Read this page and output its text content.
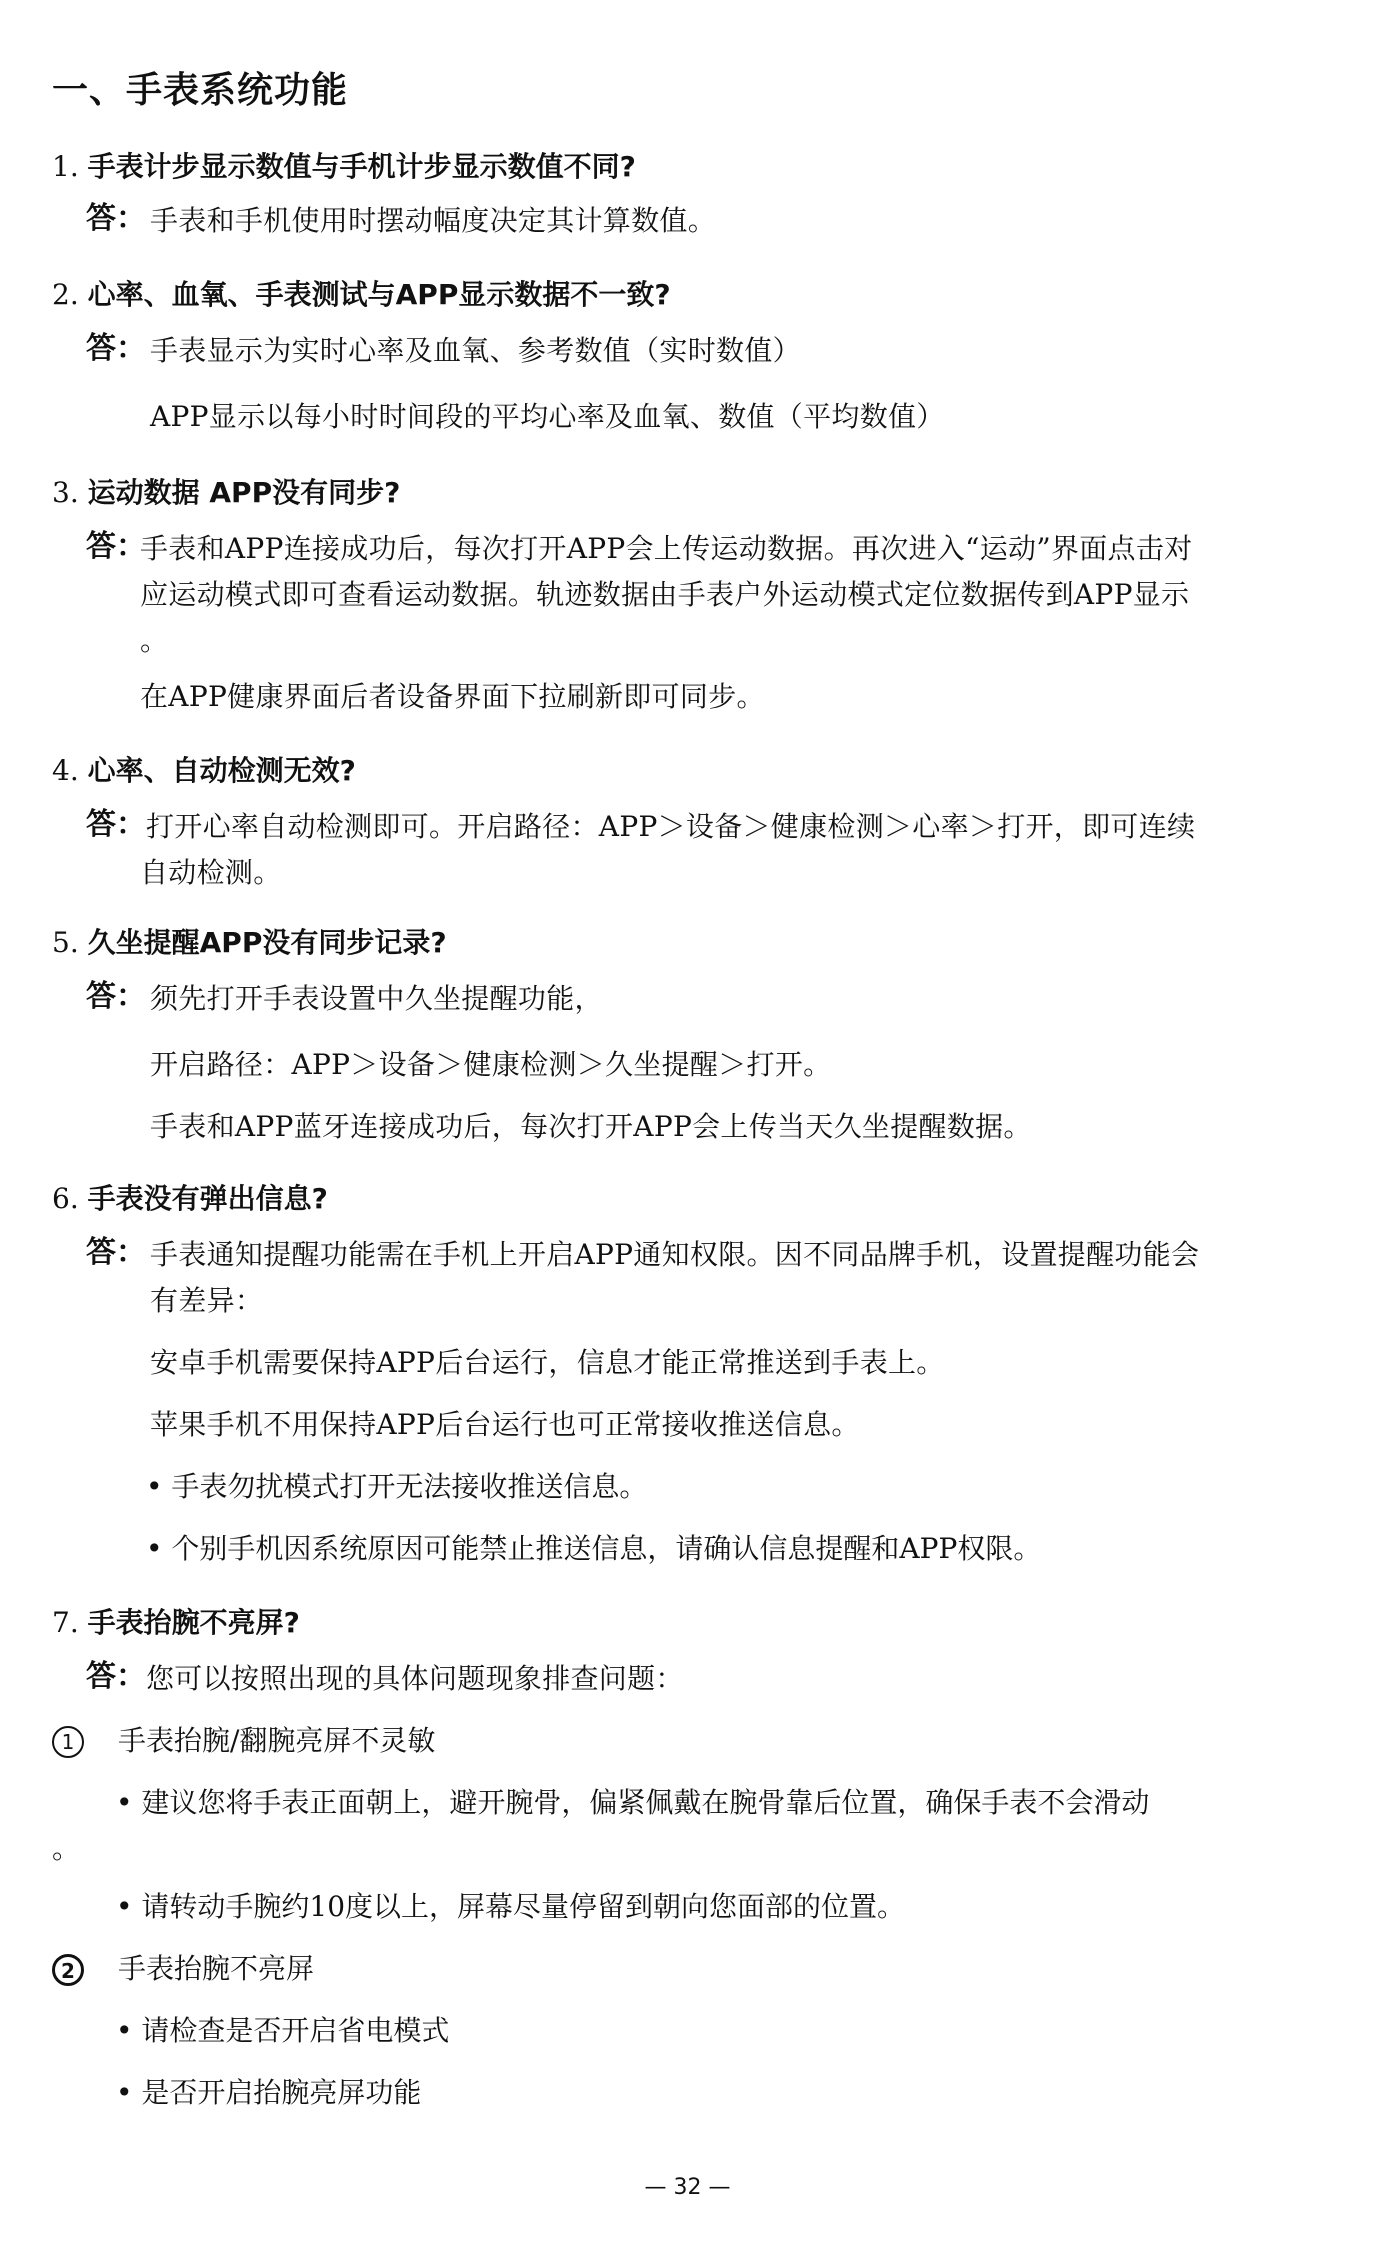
一、手表系统功能
1. 手表计步显示数值与手机计步显示数值不同?
答： 手表和手机使用时摆动幅度决定其计算数值。
2. 心率、血氧、手表测试与APP显示数据不一致?
答： 手表显示为实时心率及血氧、参考数值（实时数值）
APP显示以每小时时间段的平均心率及血氧、数值（平均数值）
3. 运动数据 APP没有同步?
答：
手表和APP连接成功后，每次打开APP会上传运动数据。再次进入“运动”界面点击对
应运动模式即可查看运动数据。轨迹数据由手表户外运动模式定位数据传到APP显示
。
在APP健康界面后者设备界面下拉刷新即可同步。
4. 心率、自动检测无效?
答： 打开心率自动检测即可。开启路径：APP＞设备＞健康检测＞心率＞打开，即可连续
自动检测。
5. 久坐提醒APP没有同步记录?
答： 须先打开手表设置中久坐提醒功能，
开启路径：APP＞设备＞健康检测＞久坐提醒＞打开。
手表和APP蓝牙连接成功后，每次打开APP会上传当天久坐提醒数据。
6. 手表没有弹出信息?
答： 手表通知提醒功能需在手机上开启APP通知权限。因不同品牌手机，设置提醒功能会
有差异：
安卓手机需要保持APP后台运行，信息才能正常推送到手表上。
苹果手机不用保持APP后台运行也可正常接收推送信息。
• 手表勿扰模式打开无法接收推送信息。
• 个别手机因系统原因可能禁止推送信息，请确认信息提醒和APP权限。
7. 手表抬腕不亮屏?
答： 您可以按照出现的具体问题现象排查问题：
1	手表抬腕/翻腕亮屏不灵敏
• 建议您将手表正面朝上，避开腕骨，偏紧佩戴在腕骨靠后位置，确保手表不会滑动
。
• 请转动手腕约10度以上，屏幕尽量停留到朝向您面部的位置。
2	手表抬腕不亮屏
• 请检查是否开启省电模式
• 是否开启抬腕亮屏功能
— 32 —
